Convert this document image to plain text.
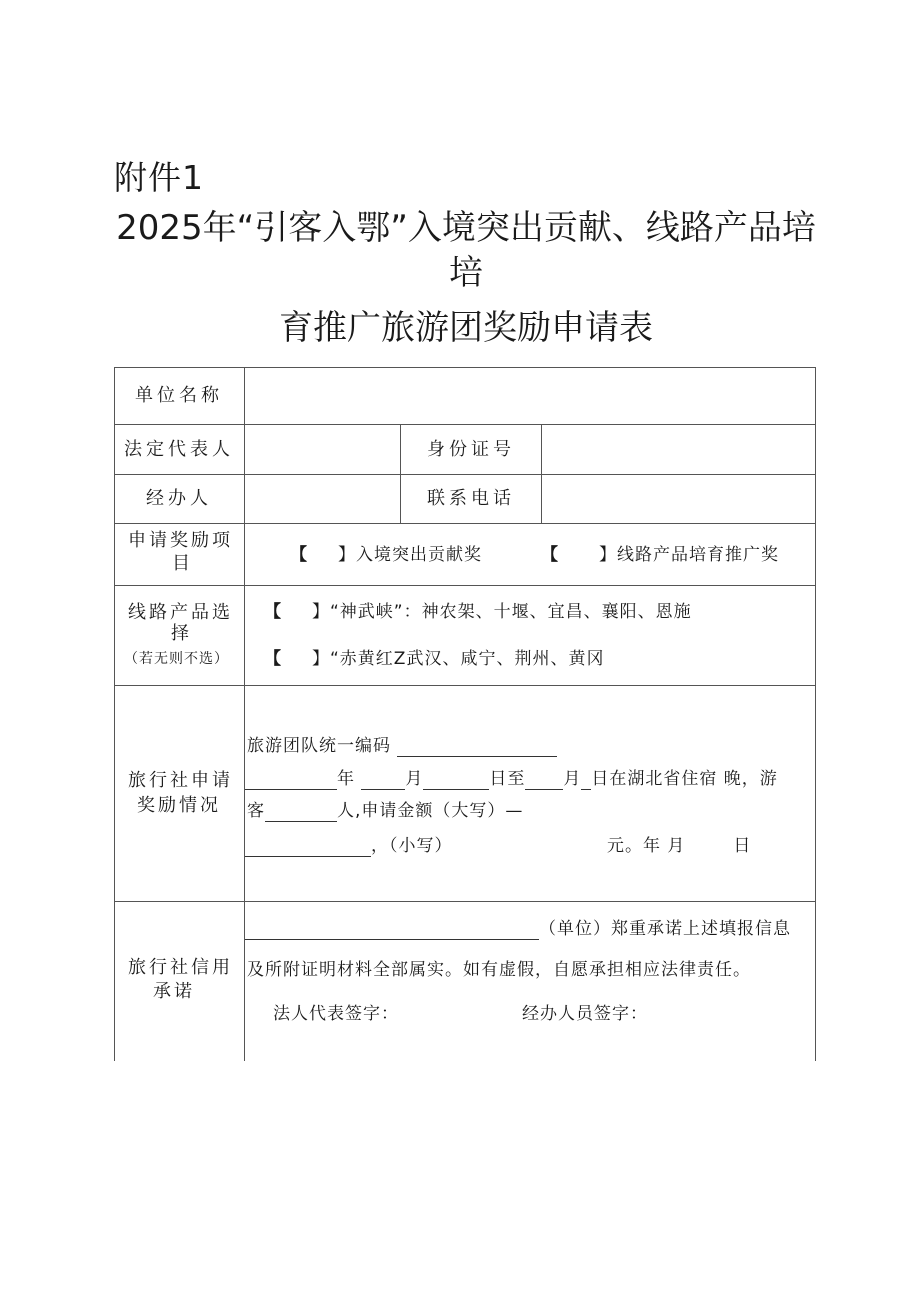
附件1
2025年“引客入鄂”入境突出贡献、线路产品培
培
育推广旅游团奖励申请表
单位名称
法定代表人	身份证号
经办人	联系电话
申请奖励项
目	【 】入境突出贡献奖	【 】线路产品培育推广奖
线路产品选
择
（若无则不选）
【 】“神武峡”：神农架、十堰、宜昌、襄阳、恩施
【 】“赤黄红Z武汉、咸宁、荆州、黄冈
旅行社申请
奖励情况
旅游团队统一编码
年	月	日至 月 日在湖北省住宿 晚，游
客	人,申请金额（大写）—
，（小写）	元。年 月	日
旅行社信用
承诺
（单位）郑重承诺上述填报信息
及所附证明材料全部属实。如有虚假，自愿承担相应法律责任。
法人代表签字：	经办人员签字：
